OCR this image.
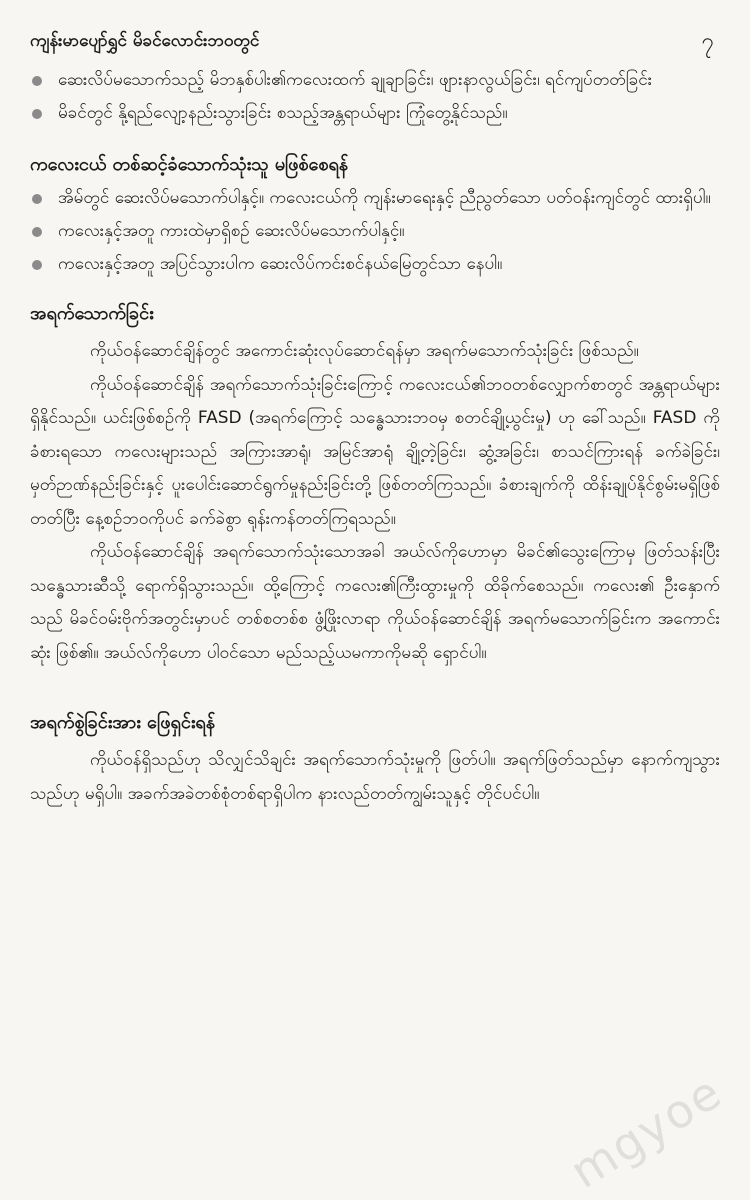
ကျန်းမာပျော်ရွှင် မိခင်လောင်းဘဝတွင်	၇

ဆေးလိပ်မသောက်သည့် မိဘနှစ်ပါး၏ကလေးထက် ချုချာခြင်း၊ ဖျားနာလွယ်ခြင်း၊ ရင်ကျပ်တတ်ခြင်း

မိခင်တွင် နို့ရည်လျော့နည်းသွားခြင်း စသည့်အန္တရာယ်များ ကြုံတွေ့နိုင်သည်။

ကလေးငယ် တစ်ဆင့်ခံသောက်သုံးသူ မဖြစ်စေရန်

အိမ်တွင် ဆေးလိပ်မသောက်ပါနှင့်။ ကလေးငယ်ကို ကျန်းမာရေးနှင့် ညီညွတ်သော ပတ်ဝန်းကျင်တွင် ထားရှိပါ။

ကလေးနှင့်အတူ ကားထဲမှာရှိစဉ် ဆေးလိပ်မသောက်ပါနှင့်။

ကလေးနှင့်အတူ အပြင်သွားပါက ဆေးလိပ်ကင်းစင်နယ်မြေတွင်သာ နေပါ။

အရက်သောက်ခြင်း

ကိုယ်ဝန်ဆောင်ချိန်တွင် အကောင်းဆုံးလုပ်ဆောင်ရန်မှာ အရက်မသောက်သုံးခြင်း ဖြစ်သည်။

ကိုယ်ဝန်ဆောင်ချိန် အရက်သောက်သုံးခြင်းကြောင့် ကလေးငယ်၏ဘဝတစ်လျှောက်စာတွင် အန္တရာယ်များ ရှိနိုင်သည်။ ယင်းဖြစ်စဉ်ကို FASD (အရက်ကြောင့် သန္ဓေသားဘဝမှ စတင်ချို့ယွင်းမှု) ဟု ခေါ်သည်။ FASD ကို ခံစားရသော ကလေးများသည် အကြားအာရုံ၊ အမြင်အာရုံ ချို့တဲ့ခြင်း၊ ဆွံ့အခြင်း၊ စာသင်ကြားရန် ခက်ခဲခြင်း၊ မှတ်ဉာဏ်နည်းခြင်းနှင့် ပူးပေါင်းဆောင်ရွက်မှုနည်းခြင်းတို့ ဖြစ်တတ်ကြသည်။ ခံစားချက်ကို ထိန်းချုပ်နိုင်စွမ်းမရှိဖြစ်တတ်ပြီး နေ့စဉ်ဘဝကိုပင် ခက်ခဲစွာ ရုန်းကန်တတ်ကြရသည်။

ကိုယ်ဝန်ဆောင်ချိန် အရက်သောက်သုံးသောအခါ အယ်လ်ကိုဟောမှာ မိခင်၏သွေးကြောမှ ဖြတ်သန်းပြီး သန္ဓေသားဆီသို့ ရောက်ရှိသွားသည်။ ထို့ကြောင့် ကလေး၏ကြီးထွားမှုကို ထိခိုက်စေသည်။ ကလေး၏ ဦးနှောက်သည် မိခင်ဝမ်းဗိုက်အတွင်းမှာပင် တစ်စတစ်စ ဖွံ့ဖြိုးလာရာ ကိုယ်ဝန်ဆောင်ချိန် အရက်မသောက်ခြင်းက အကောင်းဆုံး ဖြစ်၏။ အယ်လ်ကိုဟော ပါဝင်သော မည်သည့်ယမကာကိုမဆို ရှောင်ပါ။

အရက်စွဲခြင်းအား ဖြေရှင်းရန်

ကိုယ်ဝန်ရှိသည်ဟု သိလျှင်သိချင်း အရက်သောက်သုံးမှုကို ဖြတ်ပါ။ အရက်ဖြတ်သည်မှာ နောက်ကျသွားသည်ဟု မရှိပါ။ အခက်အခဲတစ်စုံတစ်ရာရှိပါက နားလည်တတ်ကျွမ်းသူနှင့် တိုင်ပင်ပါ။

mgyoe
